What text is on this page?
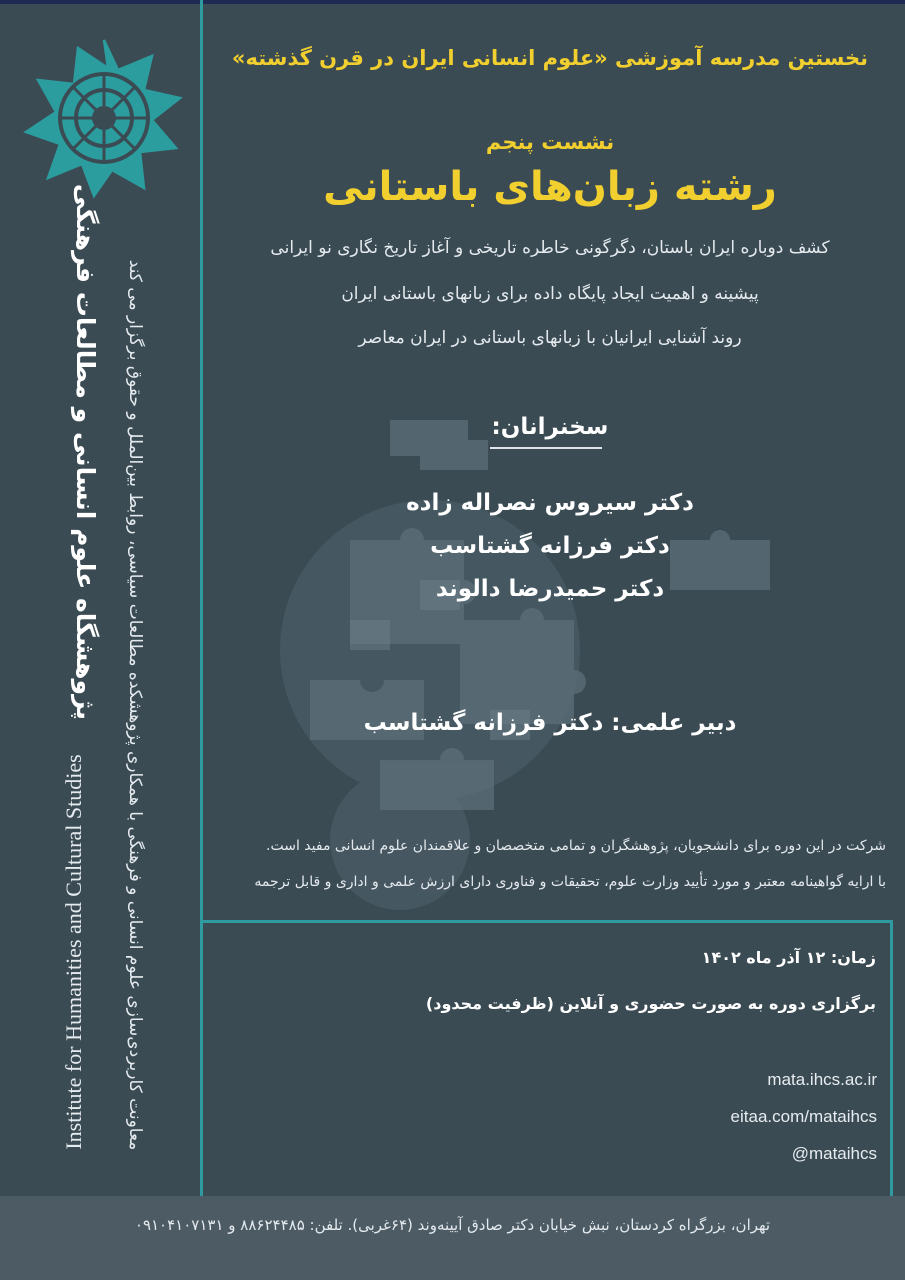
پژوهشگاه علوم انسانی و مطالعات فرهنگی معاونت کاربردی‌سازی علوم انسانی و فرهنگی با همکاری پژوهشکده مطالعات سیاسی، روابط بین‌الملل و حقوق برگزار می کند
Institute for Humanities and Cultural Studies
نخستین مدرسه آموزشی «علوم انسانی ایران در قرن گذشته»
نشست پنجم
رشته زبان‌های باستانی
کشف دوباره ایران باستان، دگرگونی خاطره تاریخی و آغاز تاریخ نگاری نو ایرانی
پیشینه و اهمیت ایجاد پایگاه داده برای زبانهای باستانی ایران
روند آشنایی ایرانیان با زبانهای باستانی در ایران معاصر
سخنرانان:
دکتر سیروس نصراله زاده
دکتر فرزانه گشتاسب
دکتر حمیدرضا دالوند
دبیر علمی: دکتر فرزانه گشتاسب
شرکت در این دوره برای دانشجویان، پژوهشگران و تمامی متخصصان و علاقمندان علوم انسانی مفید است.
با ارایه گواهینامه معتبر و مورد تأیید وزارت علوم، تحقیقات و فناوری دارای ارزش علمی و اداری و قابل ترجمه
زمان: ۱۲ آذر ماه ۱۴۰۲
برگزاری دوره به صورت حضوری و آنلاین (ظرفیت محدود)
mata.ihcs.ac.ir
eitaa.com/mataihcs
@mataihcs
تهران، بزرگراه کردستان، نبش خیابان دکتر صادق آیینه‌وند (۶۴غربی). تلفن: ۸۸۶۲۴۴۸۵ و ۰۹۱۰۴۱۰۷۱۳۱
